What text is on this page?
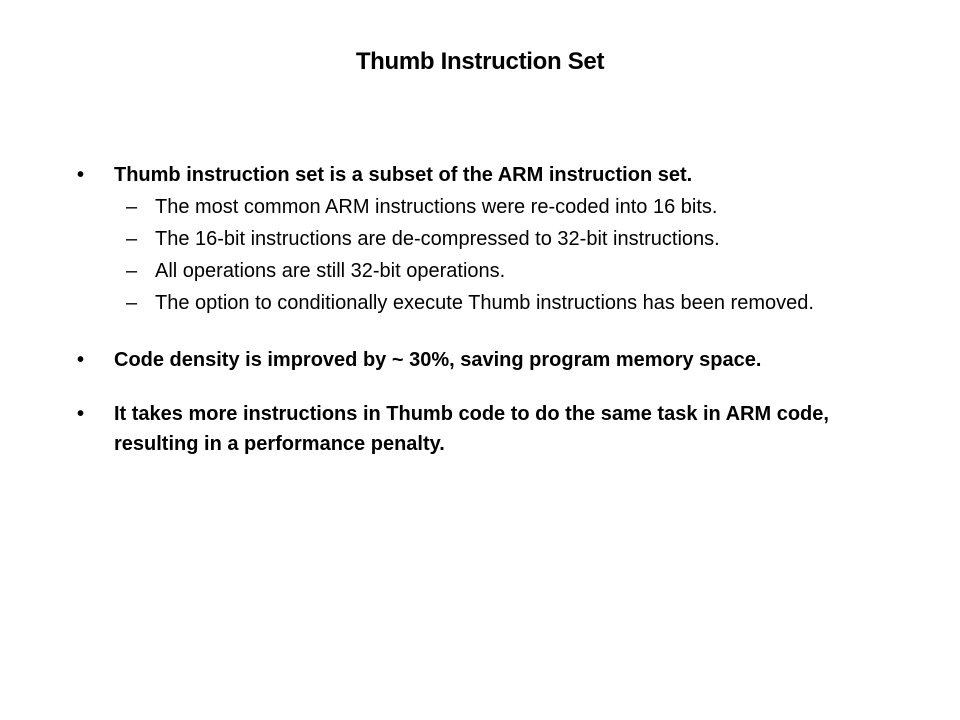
Thumb Instruction Set
• Thumb instruction set is a subset of the ARM instruction set.
– The most common ARM instructions were re-coded into 16 bits.
– The 16-bit instructions are de-compressed to 32-bit instructions.
– All operations are still 32-bit operations.
– The option to conditionally execute Thumb instructions has been removed.
• Code density is improved by ~ 30%, saving program memory space.
• It takes more instructions in Thumb code to do the same task in ARM code, resulting in a performance penalty.
